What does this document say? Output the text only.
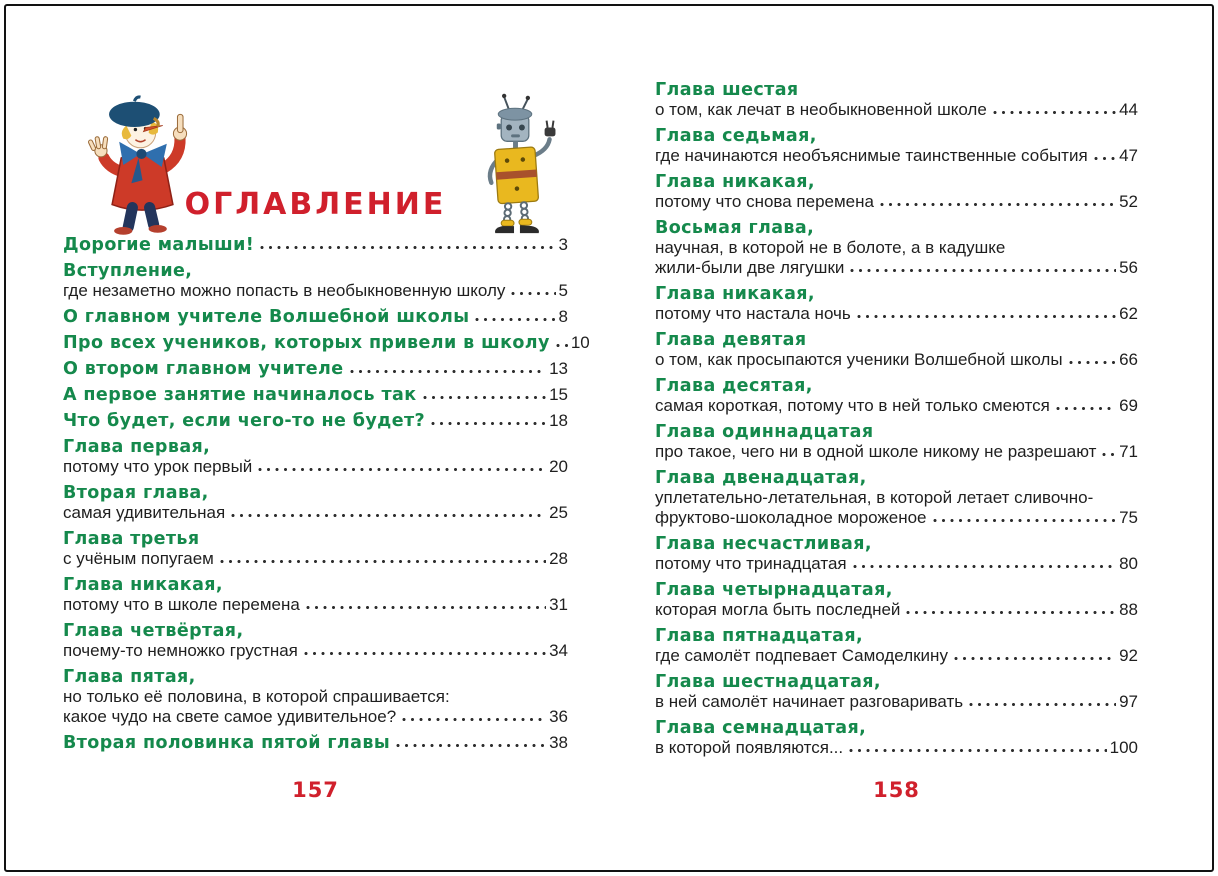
ОГЛАВЛЕНИЕ
Дорогие малыши!	3
Вступление,
где незаметно можно попасть в необыкновенную школу	5
О главном учителе Волшебной школы	8
Про всех учеников, которых привели в школу 10
О втором главном учителе	13
А первое занятие начиналось так	15
Что будет, если чего-то не будет?	18
Глава первая,
потому что урок первый	20
Вторая глава,
самая удивительная	25
Глава третья
с учёным попугаем	28
Глава никакая,
потому что в школе перемена	31
Глава четвёртая,
почему-то немножко грустная	34
Глава пятая,
но только её половина, в которой спрашивается:
какое чудо на свете самое удивительное?	36
Вторая половинка пятой главы	38
Глава шестая
о том, как лечат в необыкновенной школе	44
Глава седьмая,
где начинаются необъяснимые таинственные события 47
Глава никакая,
потому что снова перемена	52
Восьмая глава,
научная, в которой не в болоте, а в кадушке
жили-были две лягушки	56
Глава никакая,
потому что настала ночь	62
Глава девятая
о том, как просыпаются ученики Волшебной школы	66
Глава десятая,
самая короткая, потому что в ней только смеются	69
Глава одиннадцатая
про такое, чего ни в одной школе никому не разрешают 71
Глава двенадцатая,
уплетательно-летательная, в которой летает сливочно-
фруктово-шоколадное мороженое	75
Глава несчастливая,
потому что тринадцатая	80
Глава четырнадцатая,
которая могла быть последней	88
Глава пятнадцатая,
где самолёт подпевает Самоделкину	92
Глава шестнадцатая,
в ней самолёт начинает разговаривать	97
Глава семнадцатая,
в которой появляются...	100
157	158
